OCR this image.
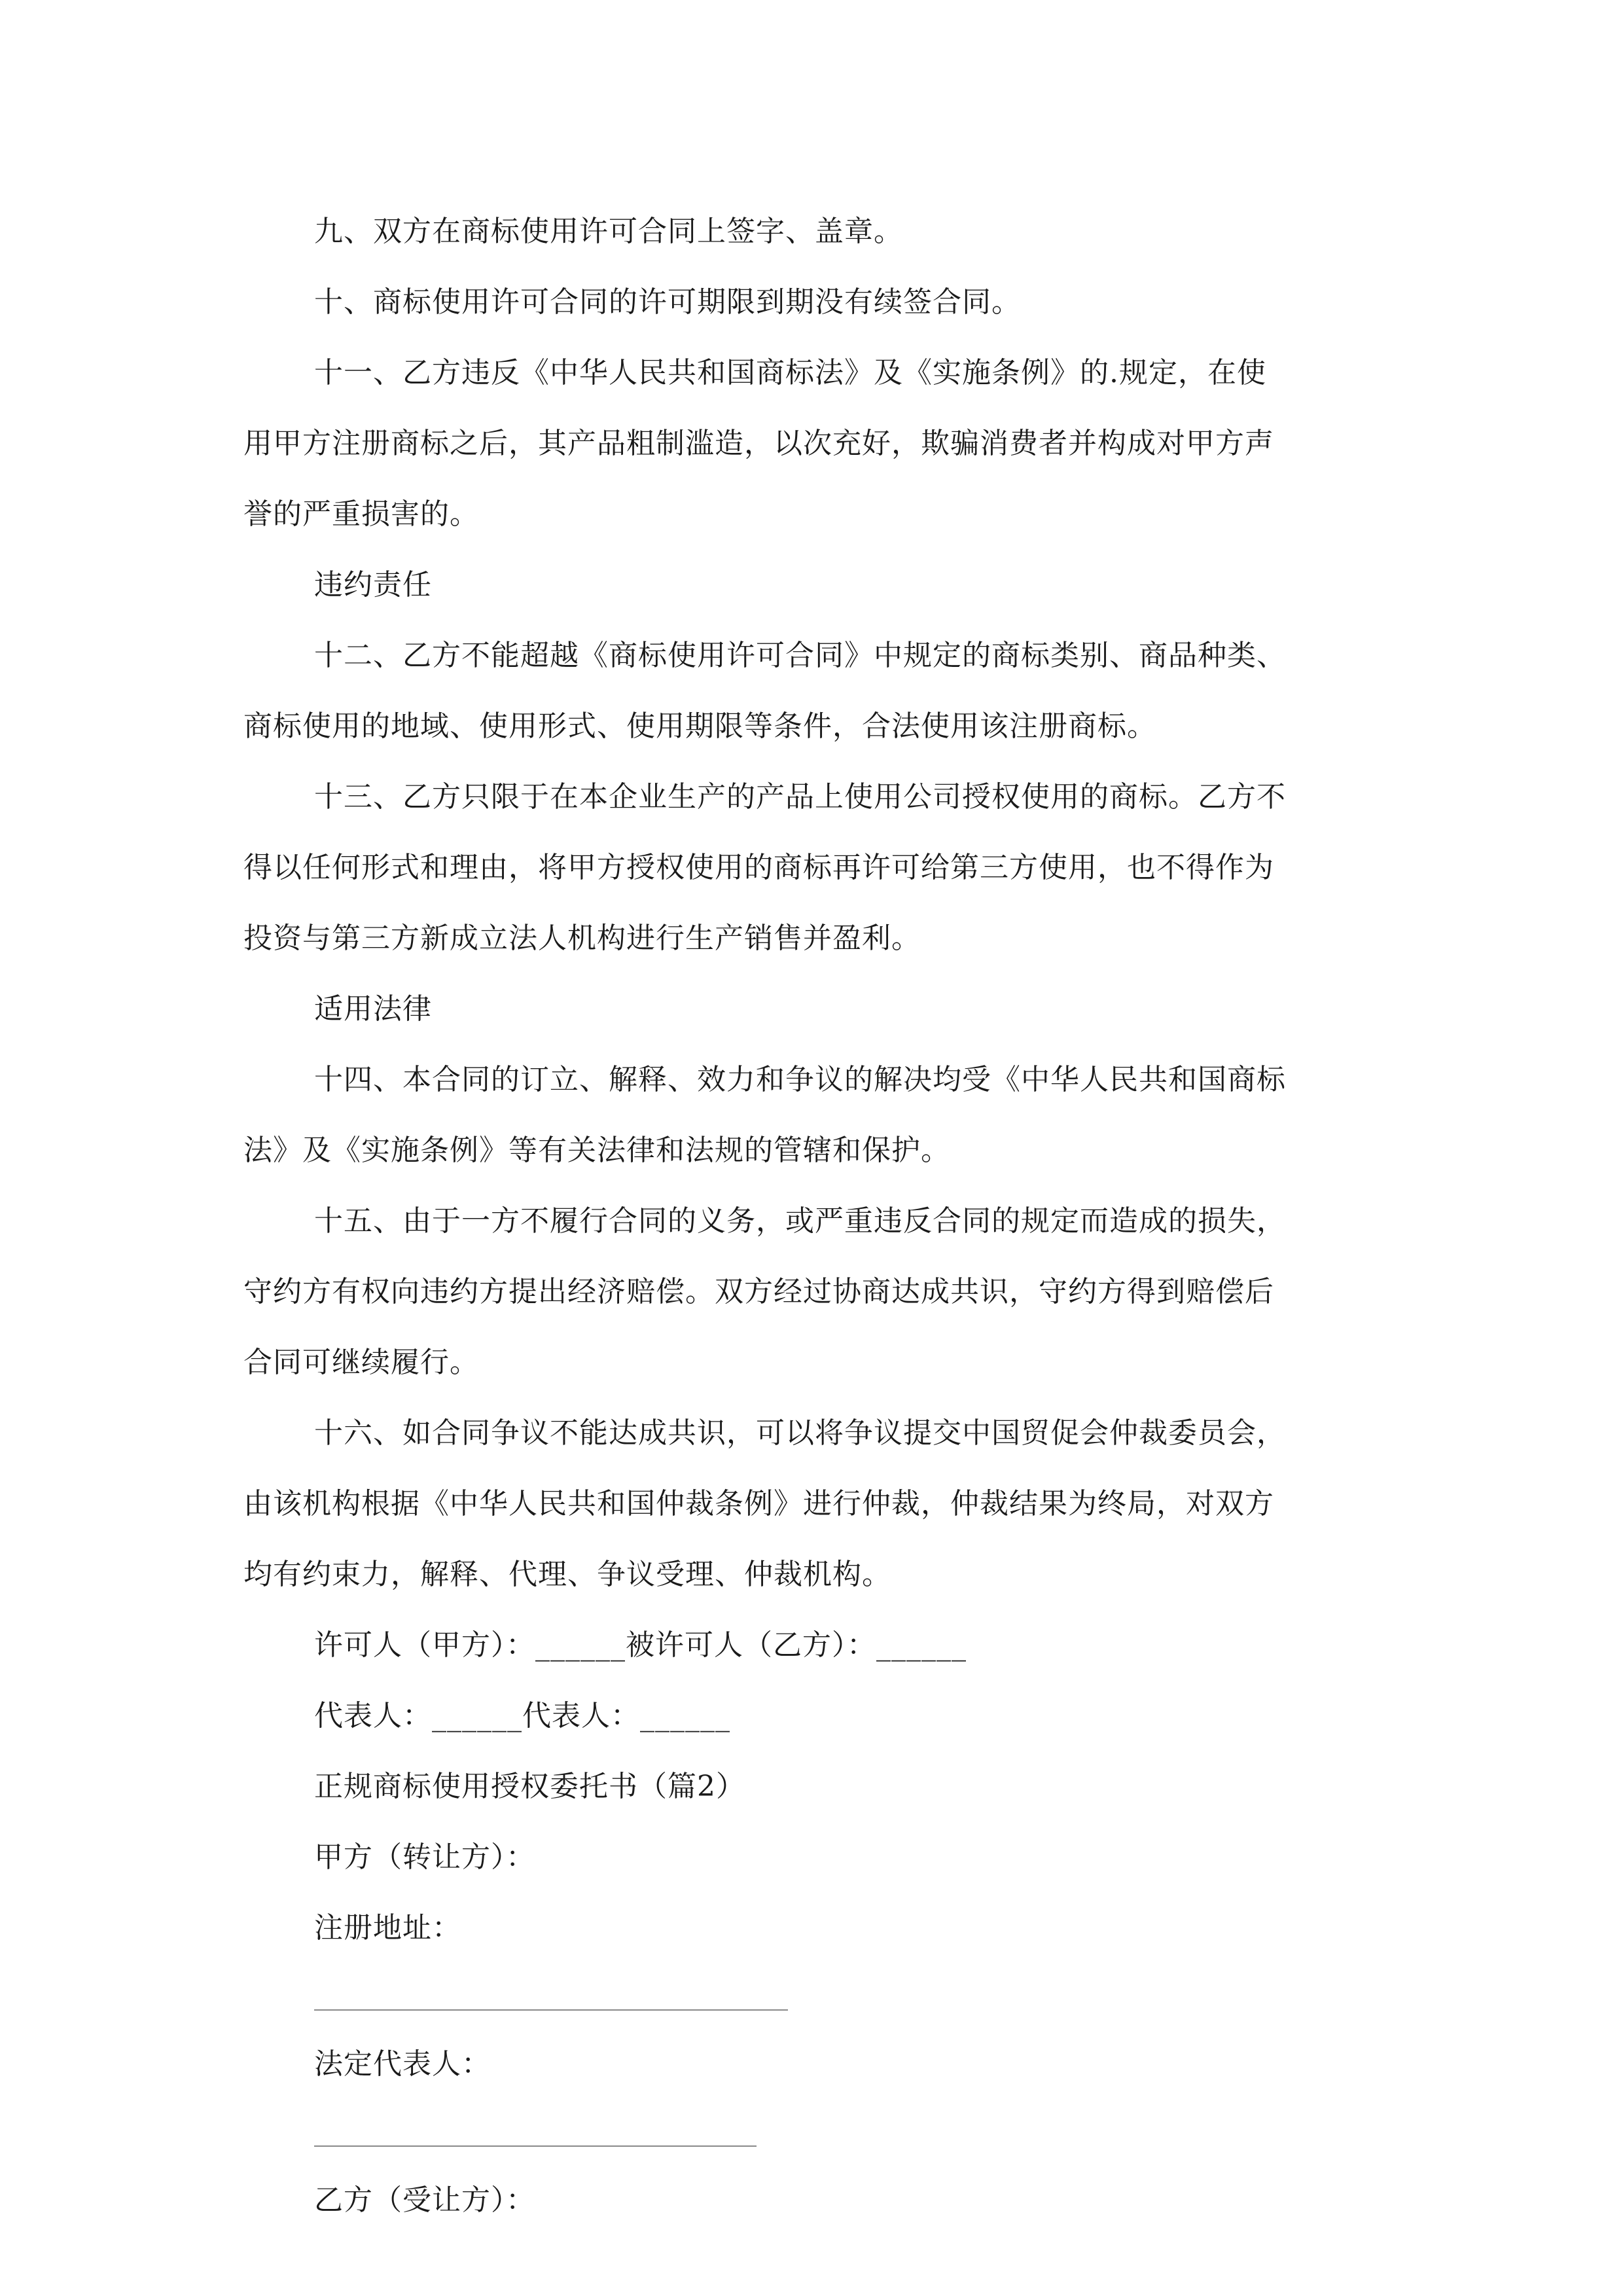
九、双方在商标使用许可合同上签字、盖章。

十、商标使用许可合同的许可期限到期没有续签合同。

十一、乙方违反《中华人民共和国商标法》及《实施条例》的.规定，在使

用甲方注册商标之后，其产品粗制滥造，以次充好，欺骗消费者并构成对甲方声

誉的严重损害的。

违约责任

十二、乙方不能超越《商标使用许可合同》中规定的商标类别、商品种类、

商标使用的地域、使用形式、使用期限等条件，合法使用该注册商标。

十三、乙方只限于在本企业生产的产品上使用公司授权使用的商标。乙方不

得以任何形式和理由，将甲方授权使用的商标再许可给第三方使用，也不得作为

投资与第三方新成立法人机构进行生产销售并盈利。

适用法律

十四、本合同的订立、解释、效力和争议的解决均受《中华人民共和国商标

法》及《实施条例》等有关法律和法规的管辖和保护。

十五、由于一方不履行合同的义务，或严重违反合同的规定而造成的损失，

守约方有权向违约方提出经济赔偿。双方经过协商达成共识，守约方得到赔偿后

合同可继续履行。

十六、如合同争议不能达成共识，可以将争议提交中国贸促会仲裁委员会，

由该机构根据《中华人民共和国仲裁条例》进行仲裁，仲裁结果为终局，对双方

均有约束力，解释、代理、争议受理、仲裁机构。

许可人（甲方）：______被许可人（乙方）：______

代表人：______代表人：______

正规商标使用授权委托书（篇2）

甲方（转让方）：

注册地址：

法定代表人：

乙方（受让方）：
